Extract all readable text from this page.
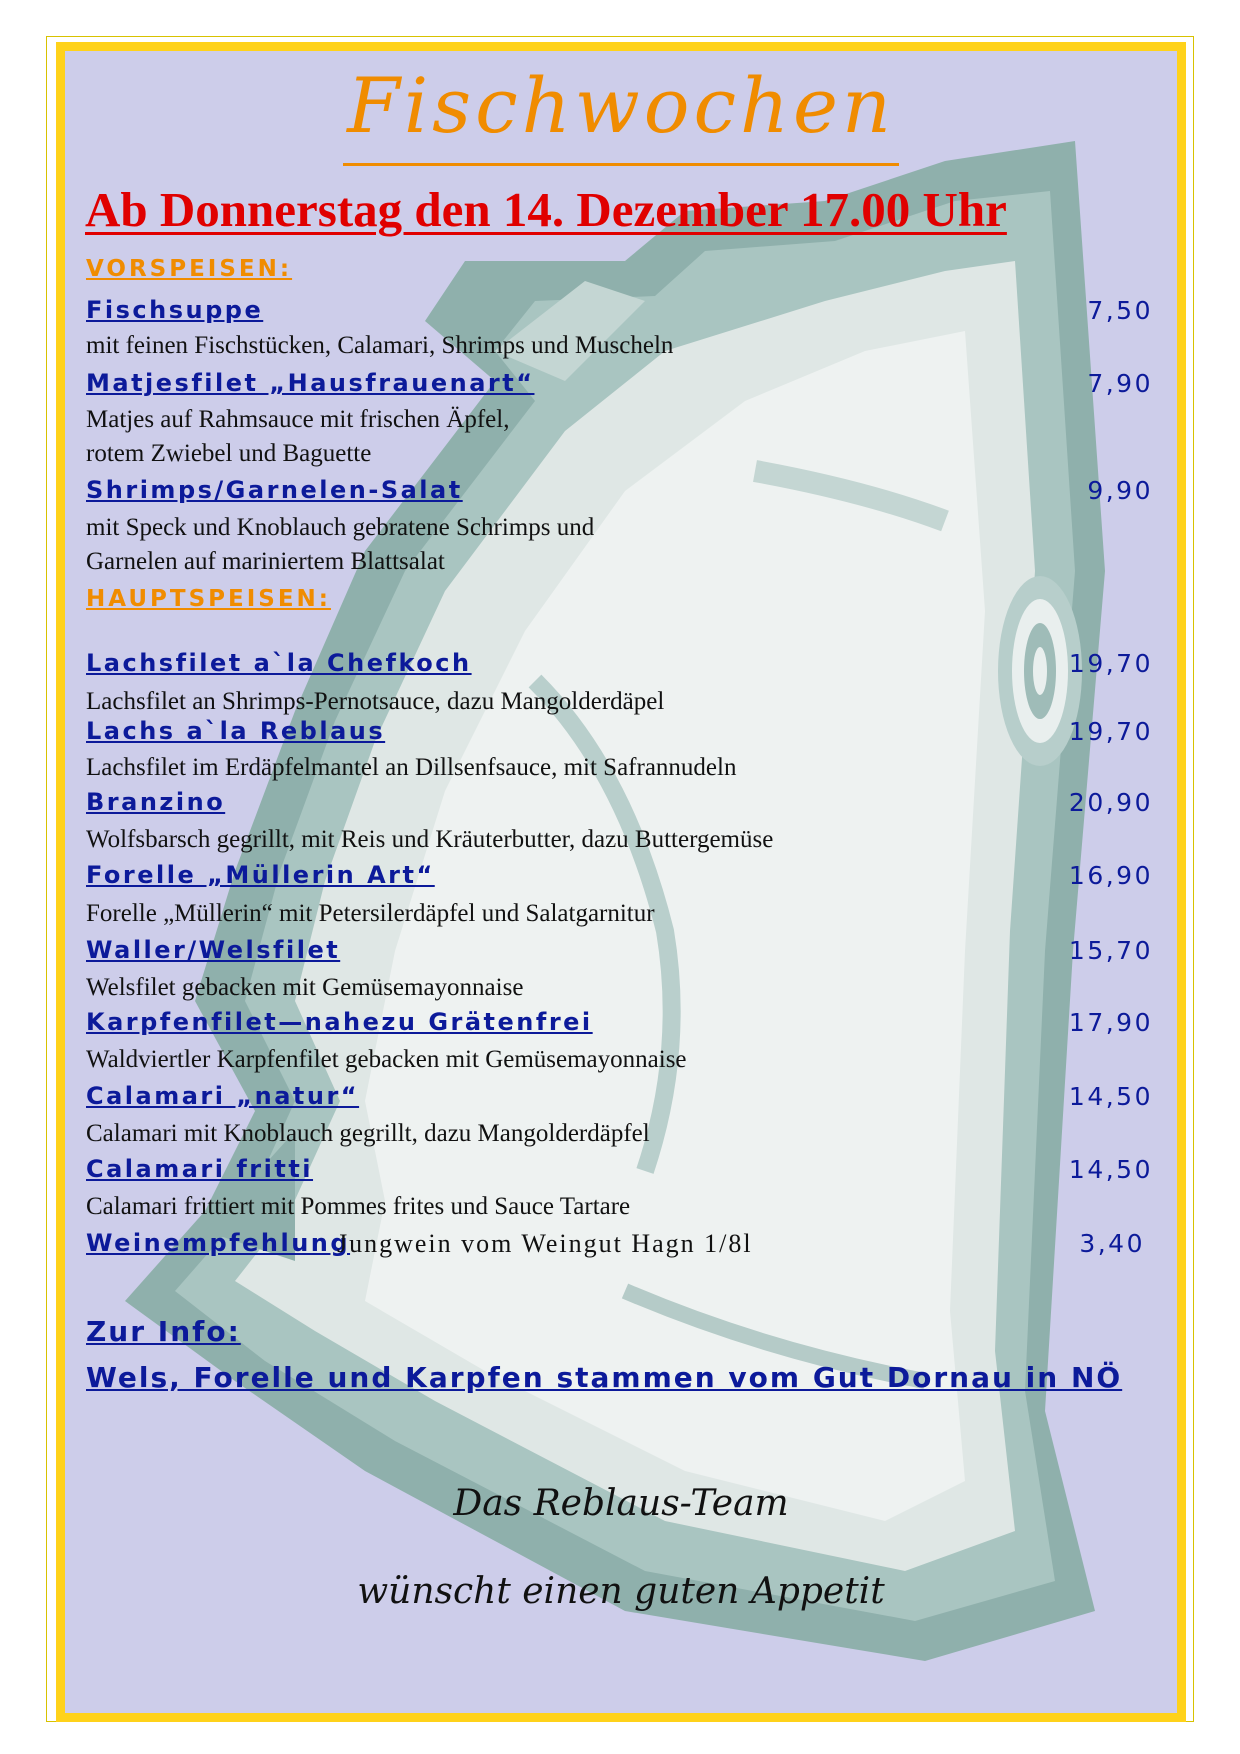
Fischwochen
Ab Donnerstag den 14. Dezember 17.00 Uhr
VORSPEISEN:
Fischsuppe	7,50
mit feinen Fischstücken, Calamari, Shrimps und Muscheln
Matjesfilet „Hausfrauenart“	7,90
Matjes auf Rahmsauce mit frischen Äpfel,
rotem Zwiebel und Baguette
Shrimps/Garnelen-Salat	9,90
mit Speck und Knoblauch gebratene Schrimps und
Garnelen auf mariniertem Blattsalat
HAUPTSPEISEN:
Lachsfilet a`la Chefkoch	19,70
Lachsfilet an Shrimps-Pernotsauce, dazu Mangolderdäpel
Lachs a`la Reblaus	19,70
Lachsfilet im Erdäpfelmantel an Dillsenfsauce, mit Safrannudeln
Branzino	20,90
Wolfsbarsch gegrillt, mit Reis und Kräuterbutter, dazu Buttergemüse
Forelle „Müllerin Art“	16,90
Forelle „Müllerin“ mit Petersilerdäpfel und Salatgarnitur
Waller/Welsfilet	15,70
Welsfilet gebacken mit Gemüsemayonnaise
Karpfenfilet—nahezu Grätenfrei	17,90
Waldviertler Karpfenfilet gebacken mit Gemüsemayonnaise
Calamari „natur“	14,50
Calamari mit Knoblauch gegrillt, dazu Mangolderdäpfel
Calamari fritti	14,50
Calamari frittiert mit Pommes frites und Sauce Tartare
Weinempfehlung
Jungwein vom Weingut Hagn 1/8l	3,40
Zur Info:
Wels, Forelle und Karpfen stammen vom Gut Dornau in NÖ
Das Reblaus-Team
wünscht einen guten Appetit
